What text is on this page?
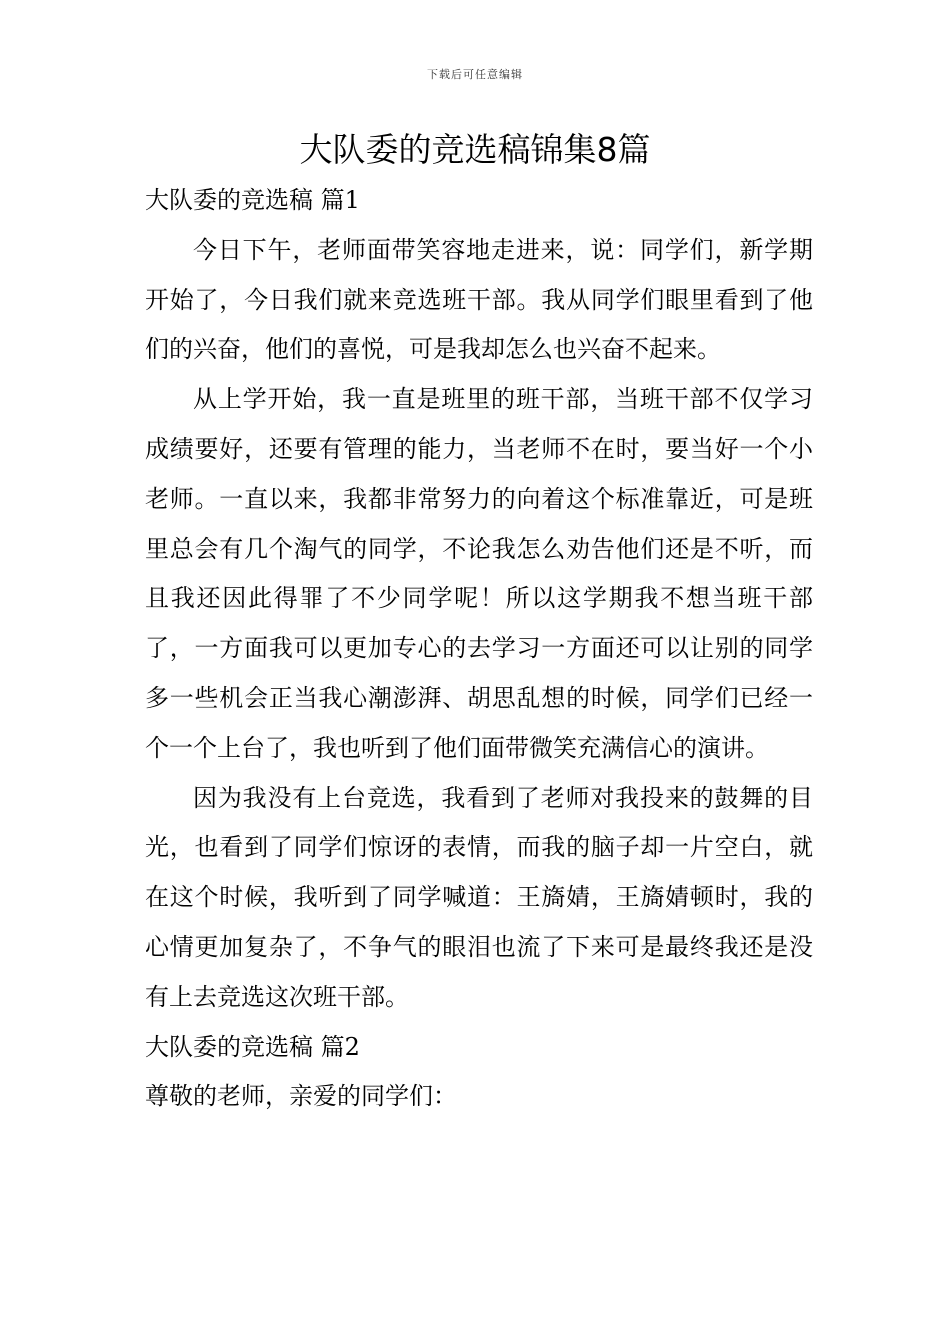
下载后可任意编辑
大队委的竞选稿锦集8篇

大队委的竞选稿 篇1

今日下午，老师面带笑容地走进来，说：同学们，新学期开始了，今日我们就来竞选班干部。我从同学们眼里看到了他们的兴奋，他们的喜悦，可是我却怎么也兴奋不起来。

从上学开始，我一直是班里的班干部，当班干部不仅学习成绩要好，还要有管理的能力，当老师不在时，要当好一个小老师。一直以来，我都非常努力的向着这个标准靠近，可是班里总会有几个淘气的同学，不论我怎么劝告他们还是不听，而且我还因此得罪了不少同学呢！所以这学期我不想当班干部了，一方面我可以更加专心的去学习一方面还可以让别的同学多一些机会正当我心潮澎湃、胡思乱想的时候，同学们已经一个一个上台了，我也听到了他们面带微笑充满信心的演讲。

因为我没有上台竞选，我看到了老师对我投来的鼓舞的目光，也看到了同学们惊讶的表情，而我的脑子却一片空白，就在这个时候，我听到了同学喊道：王旖婧，王旖婧顿时，我的心情更加复杂了，不争气的眼泪也流了下来可是最终我还是没有上去竞选这次班干部。

大队委的竞选稿 篇2

尊敬的老师，亲爱的同学们：
